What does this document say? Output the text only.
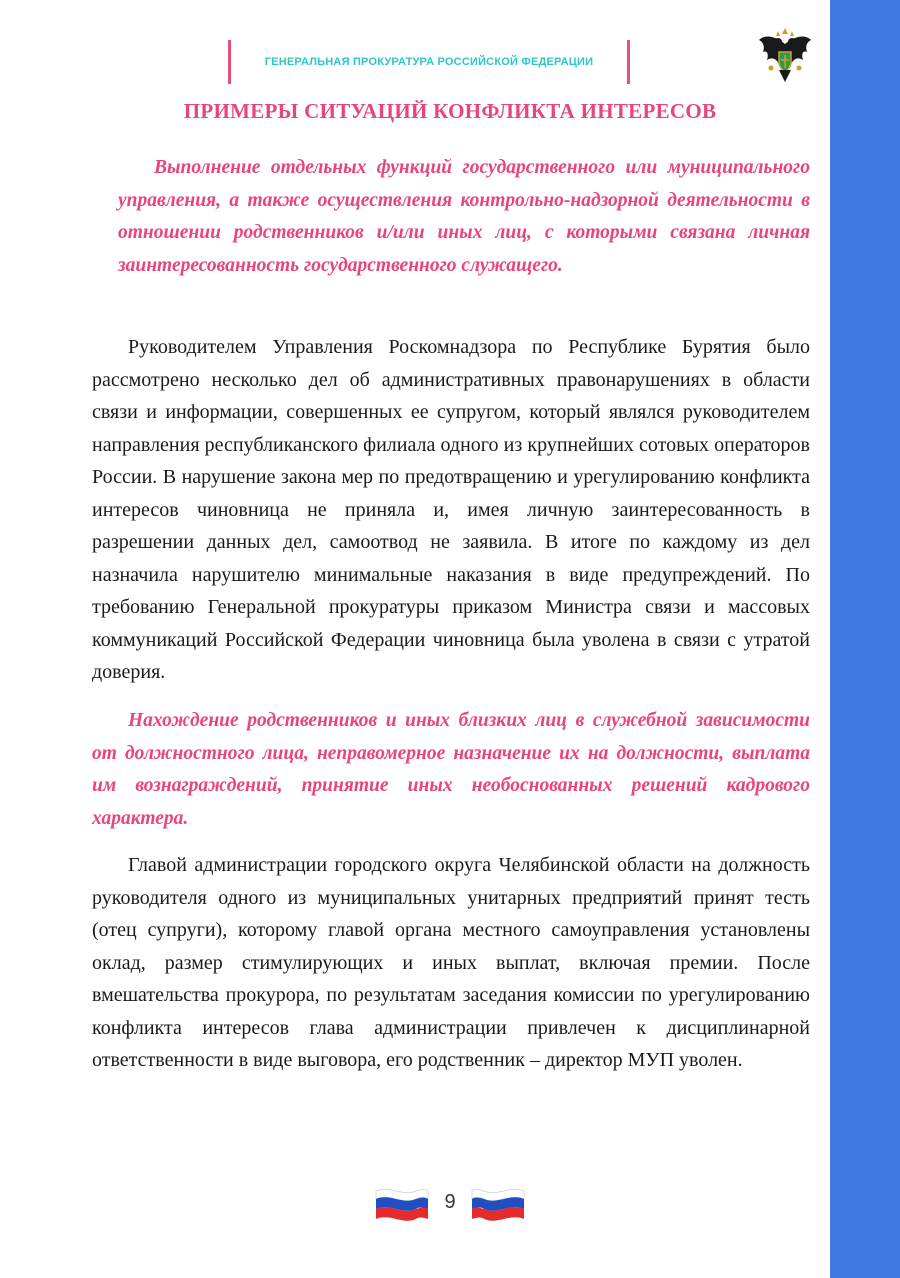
ГЕНЕРАЛЬНАЯ ПРОКУРАТУРА РОССИЙСКОЙ ФЕДЕРАЦИИ
ПРИМЕРЫ СИТУАЦИЙ КОНФЛИКТА ИНТЕРЕСОВ
Выполнение отдельных функций государственного или муниципального управления, а также осуществления контрольно-надзорной деятельности в отношении родственников и/или иных лиц, с которыми связана личная заинтересованность государственного служащего.
Руководителем Управления Роскомнадзора по Республике Бурятия было рассмотрено несколько дел об административных правонарушениях в области связи и информации, совершенных ее супругом, который являлся руководителем направления республиканского филиала одного из крупнейших сотовых операторов России. В нарушение закона мер по предотвращению и урегулированию конфликта интересов чиновница не приняла и, имея личную заинтересованность в разрешении данных дел, самоотвод не заявила. В итоге по каждому из дел назначила нарушителю минимальные наказания в виде предупреждений. По требованию Генеральной прокуратуры приказом Министра связи и массовых коммуникаций Российской Федерации чиновница была уволена в связи с утратой доверия.
Нахождение родственников и иных близких лиц в служебной зависимости от должностного лица, неправомерное назначение их на должности, выплата им вознаграждений, принятие иных необоснованных решений кадрового характера.
Главой администрации городского округа Челябинской области на должность руководителя одного из муниципальных унитарных предприятий принят тесть (отец супруги), которому главой органа местного самоуправления установлены оклад, размер стимулирующих и иных выплат, включая премии. После вмешательства прокурора, по результатам заседания комиссии по урегулированию конфликта интересов глава администрации привлечен к дисциплинарной ответственности в виде выговора, его родственник – директор МУП уволен.
9
